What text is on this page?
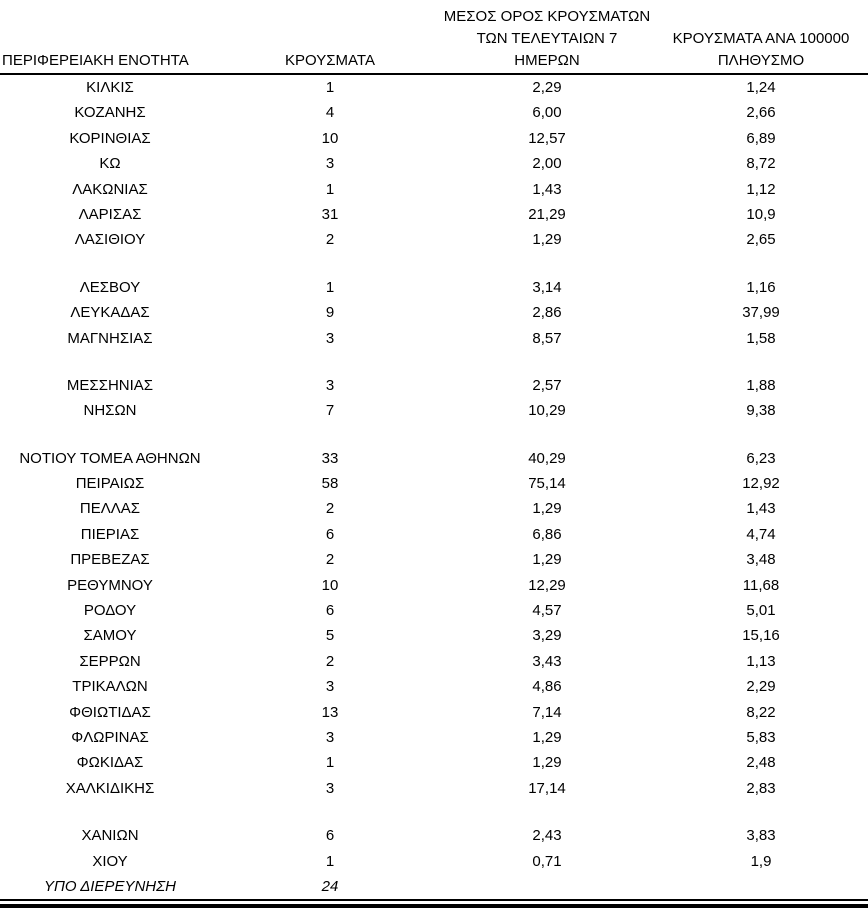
ΠΕΡΙΦΕΡΕΙΑΚΗ ΕΝΟΤΗΤΑ	ΚΡΟΥΣΜΑΤΑ
ΜΕΣΟΣ ΟΡΟΣ ΚΡΟΥΣΜΑΤΩΝ
ΤΩΝ ΤΕΛΕΥΤΑΙΩΝ 7
ΗΜΕΡΩΝ
ΚΡΟΥΣΜΑΤΑ ΑΝΑ 100000
ΠΛΗΘΥΣΜΟ
ΚΙΛΚΙΣ	1	2,29	1,24
ΚΟΖΑΝΗΣ	4	6,00	2,66
ΚΟΡΙΝΘΙΑΣ	10	12,57	6,89
ΚΩ	3	2,00	8,72
ΛΑΚΩΝΙΑΣ	1	1,43	1,12
ΛΑΡΙΣΑΣ	31	21,29	10,9
ΛΑΣΙΘΙΟΥ	2	1,29	2,65
ΛΕΣΒΟΥ	1	3,14	1,16
ΛΕΥΚΑΔΑΣ	9	2,86	37,99
ΜΑΓΝΗΣΙΑΣ	3	8,57	1,58
ΜΕΣΣΗΝΙΑΣ	3	2,57	1,88
ΝΗΣΩΝ	7	10,29	9,38
ΝΟΤΙΟΥ ΤΟΜΕΑ ΑΘΗΝΩΝ	33	40,29	6,23
ΠΕΙΡΑΙΩΣ	58	75,14	12,92
ΠΕΛΛΑΣ	2	1,29	1,43
ΠΙΕΡΙΑΣ	6	6,86	4,74
ΠΡΕΒΕΖΑΣ	2	1,29	3,48
ΡΕΘΥΜΝΟΥ	10	12,29	11,68
ΡΟΔΟΥ	6	4,57	5,01
ΣΑΜΟΥ	5	3,29	15,16
ΣΕΡΡΩΝ	2	3,43	1,13
ΤΡΙΚΑΛΩΝ	3	4,86	2,29
ΦΘΙΩΤΙΔΑΣ	13	7,14	8,22
ΦΛΩΡΙΝΑΣ	3	1,29	5,83
ΦΩΚΙΔΑΣ	1	1,29	2,48
ΧΑΛΚΙΔΙΚΗΣ	3	17,14	2,83
ΧΑΝΙΩΝ	6	2,43	3,83
ΧΙΟΥ	1	0,71	1,9
ΥΠΟ ΔΙΕΡΕΥΝΗΣΗ	24
